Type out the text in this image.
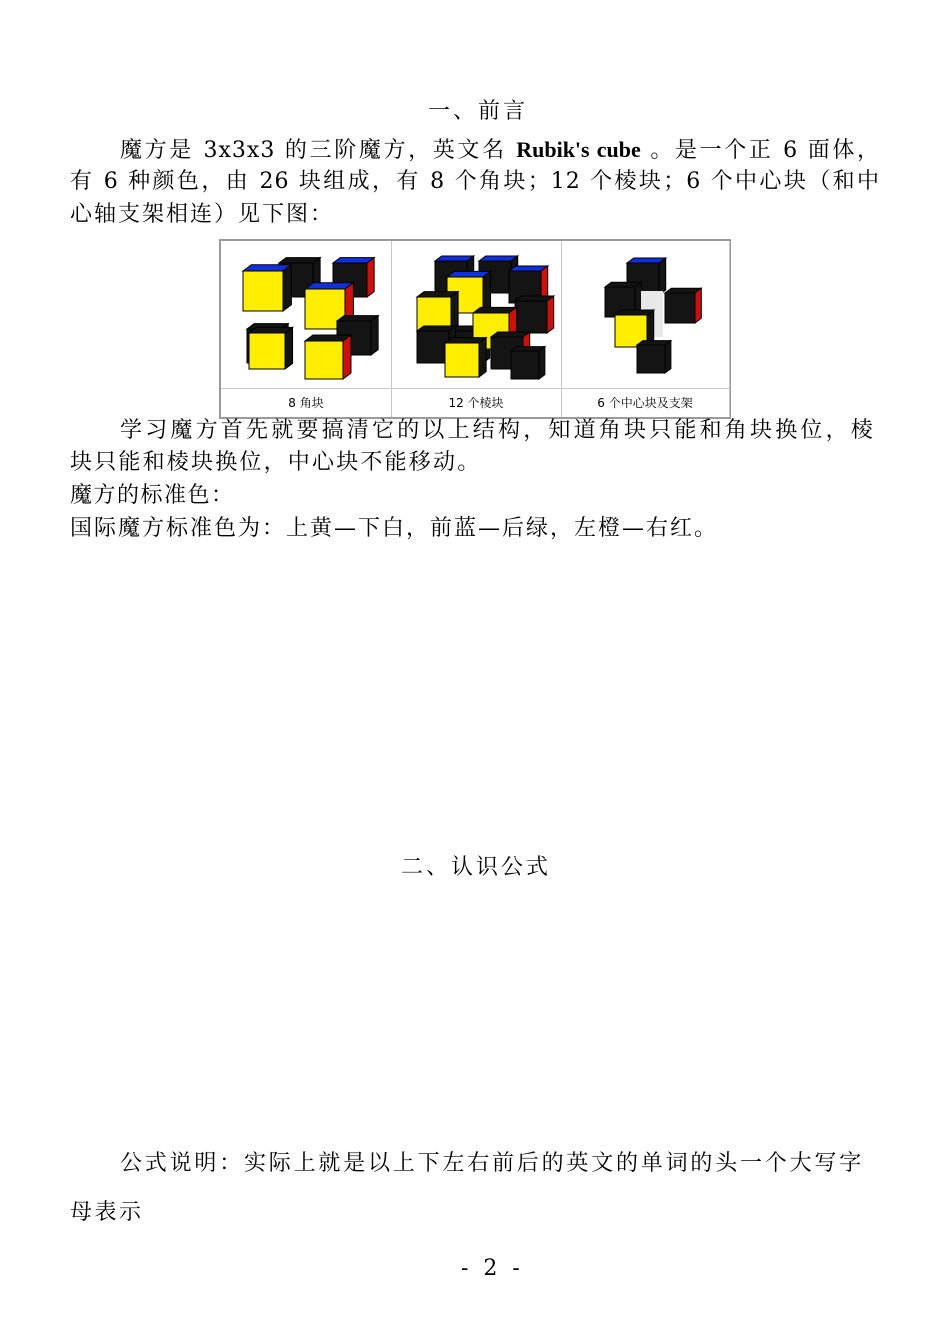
一、前言
魔方是 3x3x3 的三阶魔方，英文名 Rubik's cube 。是一个正 6 面体，
有 6 种颜色，由 26 块组成，有 8 个角块；12 个棱块；6 个中心块（和中
心轴支架相连）见下图：
8 角块	12 个棱块	6 个中心块及支架
学习魔方首先就要搞清它的以上结构，知道角块只能和角块换位，棱
块只能和棱块换位，中心块不能移动。
魔方的标准色：
国际魔方标准色为：上黄—下白，前蓝—后绿，左橙—右红。
二、认识公式
公式说明：实际上就是以上下左右前后的英文的单词的头一个大写字
母表示
- 2 -
